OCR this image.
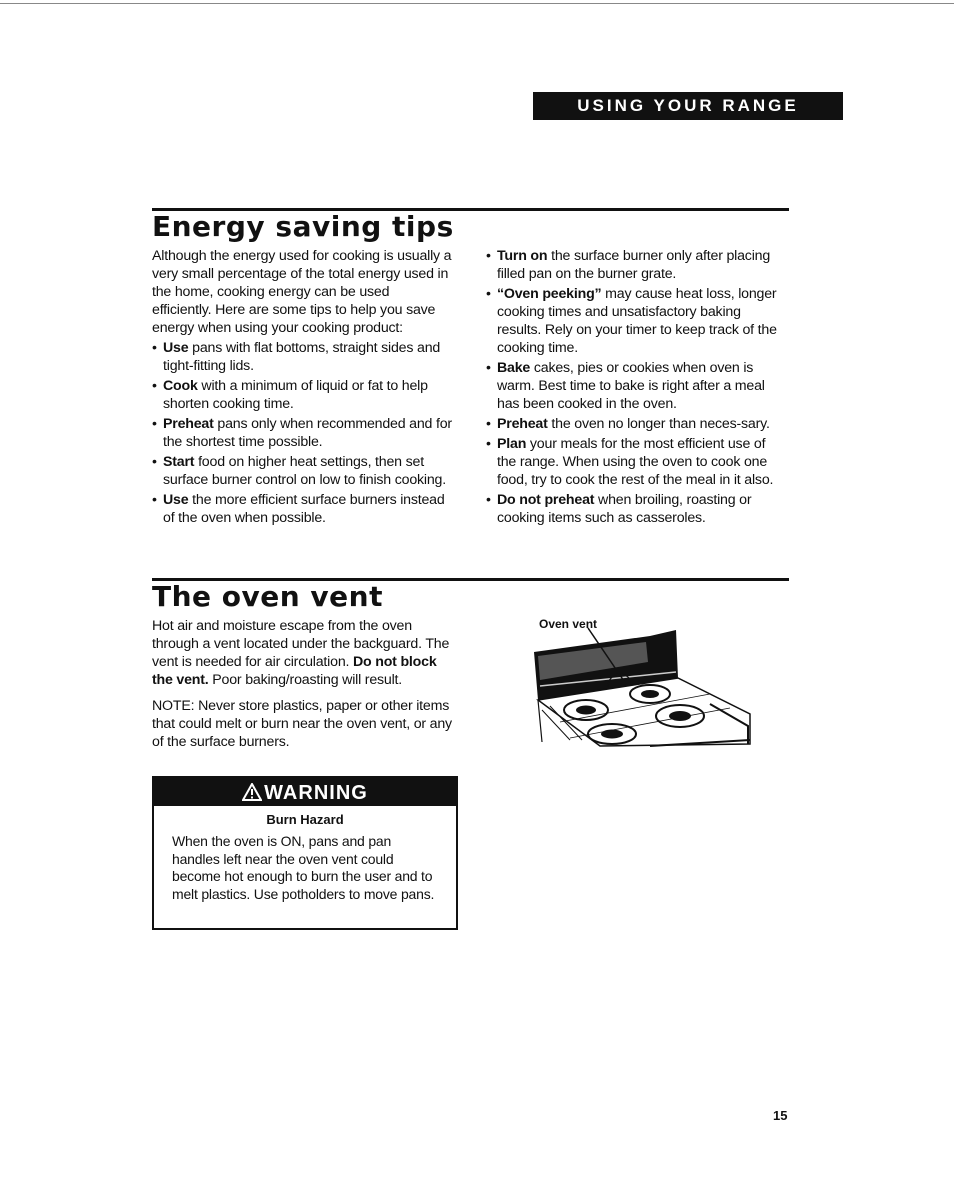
USING YOUR RANGE
Energy saving tips

Although the energy used for cooking is usually a very small percentage of the total energy used in the home, cooking energy can be used efficiently. Here are some tips to help you save energy when using your cooking product:

• Use pans with flat bottoms, straight sides and tight-fitting lids.
• Cook with a minimum of liquid or fat to help shorten cooking time.
• Preheat pans only when recommended and for the shortest time possible.
• Start food on higher heat settings, then set surface burner control on low to finish cooking.
• Use the more efficient surface burners instead of the oven when possible.
• Turn on the surface burner only after placing filled pan on the burner grate.
• “Oven peeking” may cause heat loss, longer cooking times and unsatisfactory baking results. Rely on your timer to keep track of the cooking time.
• Bake cakes, pies or cookies when oven is warm. Best time to bake is right after a meal has been cooked in the oven.
• Preheat the oven no longer than neces-sary.
• Plan your meals for the most efficient use of the range. When using the oven to cook one food, try to cook the rest of the meal in it also.
• Do not preheat when broiling, roasting or cooking items such as casseroles.
The oven vent

Hot air and moisture escape from the oven through a vent located under the backguard. The vent is needed for air circulation. Do not block the vent. Poor baking/roasting will result.

NOTE: Never store plastics, paper or other items that could melt or burn near the oven vent, or any of the surface burners.

WARNING
Burn Hazard
When the oven is ON, pans and pan handles left near the oven vent could become hot enough to burn the user and to melt plastics. Use potholders to move pans.
Oven vent
15
